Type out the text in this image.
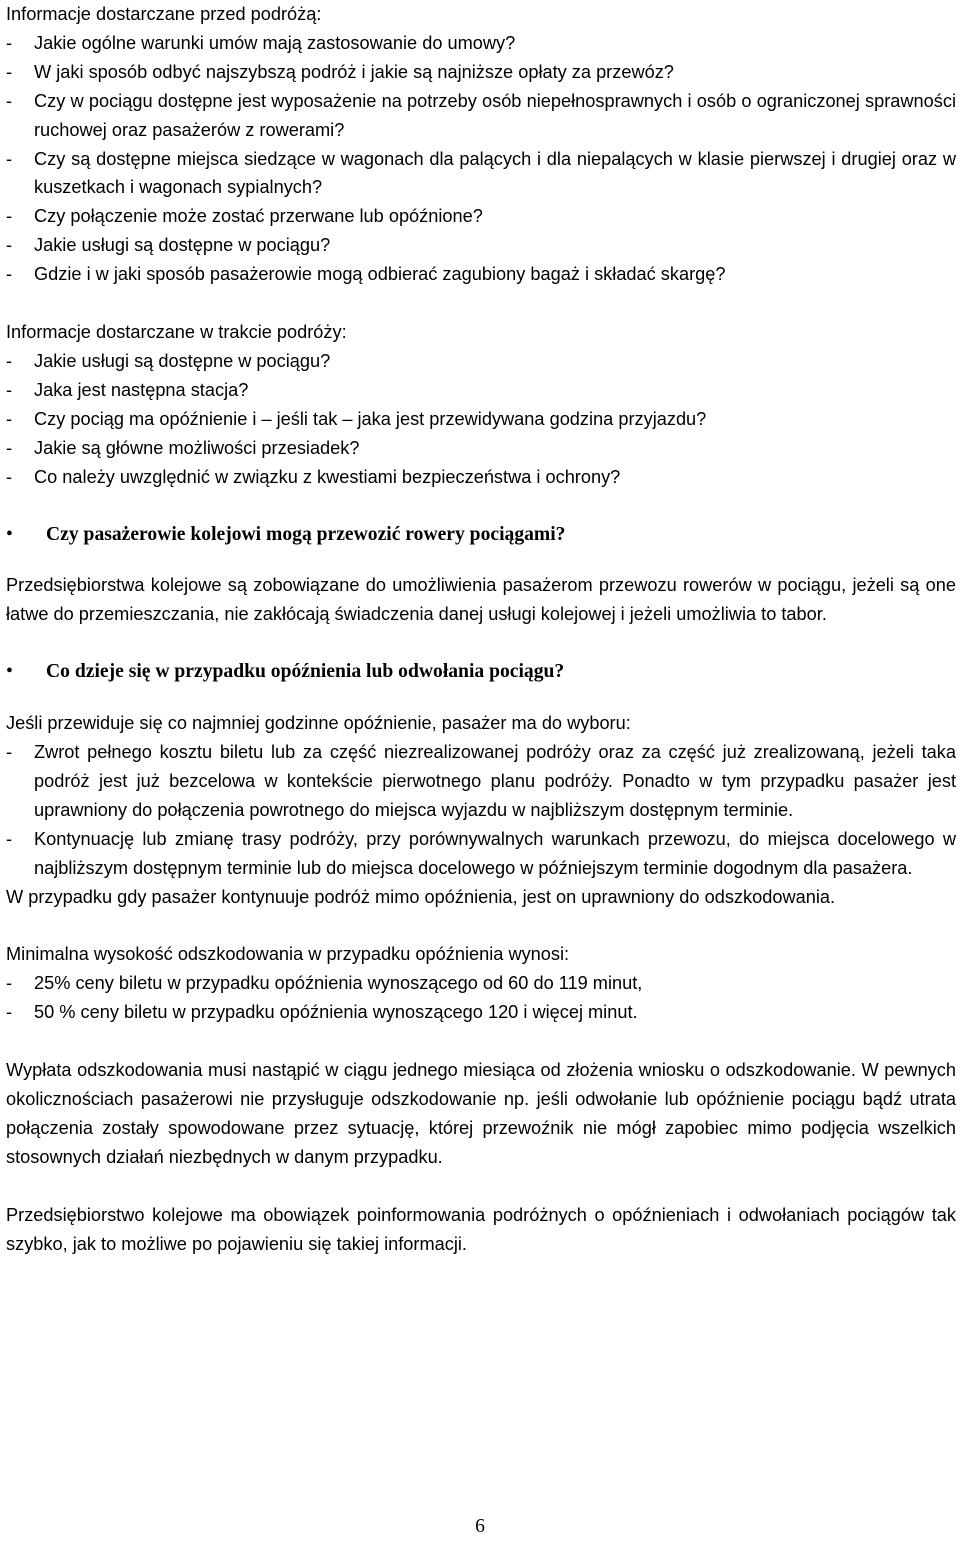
Informacje dostarczane przed podróżą:

- Jakie ogólne warunki umów mają zastosowanie do umowy?
- W jaki sposób odbyć najszybszą podróż i jakie są najniższe opłaty za przewóz?
- Czy w pociągu dostępne jest wyposażenie na potrzeby osób niepełnosprawnych i osób o ograniczonej sprawności ruchowej oraz pasażerów z rowerami?
- Czy są dostępne miejsca siedzące w wagonach dla palących i dla niepalących w klasie pierwszej i drugiej oraz w kuszetkach i wagonach sypialnych?
- Czy połączenie może zostać przerwane lub opóźnione?
- Jakie usługi są dostępne w pociągu?
- Gdzie i w jaki sposób pasażerowie mogą odbierać zagubiony bagaż i składać skargę?

Informacje dostarczane w trakcie podróży:

- Jakie usługi są dostępne w pociągu?
- Jaka jest następna stacja?
- Czy pociąg ma opóźnienie i – jeśli tak – jaka jest przewidywana godzina przyjazdu?
- Jakie są główne możliwości przesiadek?
- Co należy uwzględnić w związku z kwestiami bezpieczeństwa i ochrony?
• Czy pasażerowie kolejowi mogą przewozić rowery pociągami?

Przedsiębiorstwa kolejowe są zobowiązane do umożliwienia pasażerom przewozu rowerów w pociągu, jeżeli są one łatwe do przemieszczania, nie zakłócają świadczenia danej usługi kolejowej i jeżeli umożliwia to tabor.

• Co dzieje się w przypadku opóźnienia lub odwołania pociągu?

Jeśli przewiduje się co najmniej godzinne opóźnienie, pasażer ma do wyboru:

- Zwrot pełnego kosztu biletu lub za część niezrealizowanej podróży oraz za część już zrealizowaną, jeżeli taka podróż jest już bezcelowa w kontekście pierwotnego planu podróży. Ponadto w tym przypadku pasażer jest uprawniony do połączenia powrotnego do miejsca wyjazdu w najbliższym dostępnym terminie.
- Kontynuację lub zmianę trasy podróży, przy porównywalnych warunkach przewozu, do miejsca docelowego w najbliższym dostępnym terminie lub do miejsca docelowego w późniejszym terminie dogodnym dla pasażera.

W przypadku gdy pasażer kontynuuje podróż mimo opóźnienia, jest on uprawniony do odszkodowania.

Minimalna wysokość odszkodowania w przypadku opóźnienia wynosi:

- 25% ceny biletu w przypadku opóźnienia wynoszącego od 60 do 119 minut,
- 50 % ceny biletu w przypadku opóźnienia wynoszącego 120 i więcej minut.

Wypłata odszkodowania musi nastąpić w ciągu jednego miesiąca od złożenia wniosku o odszkodowanie. W pewnych okolicznościach pasażerowi nie przysługuje odszkodowanie np. jeśli odwołanie lub opóźnienie pociągu bądź utrata połączenia zostały spowodowane przez sytuację, której przewoźnik nie mógł zapobiec mimo podjęcia wszelkich stosownych działań niezbędnych w danym przypadku.

Przedsiębiorstwo kolejowe ma obowiązek poinformowania podróżnych o opóźnieniach i odwołaniach pociągów tak szybko, jak to możliwe po pojawieniu się takiej informacji.

6
